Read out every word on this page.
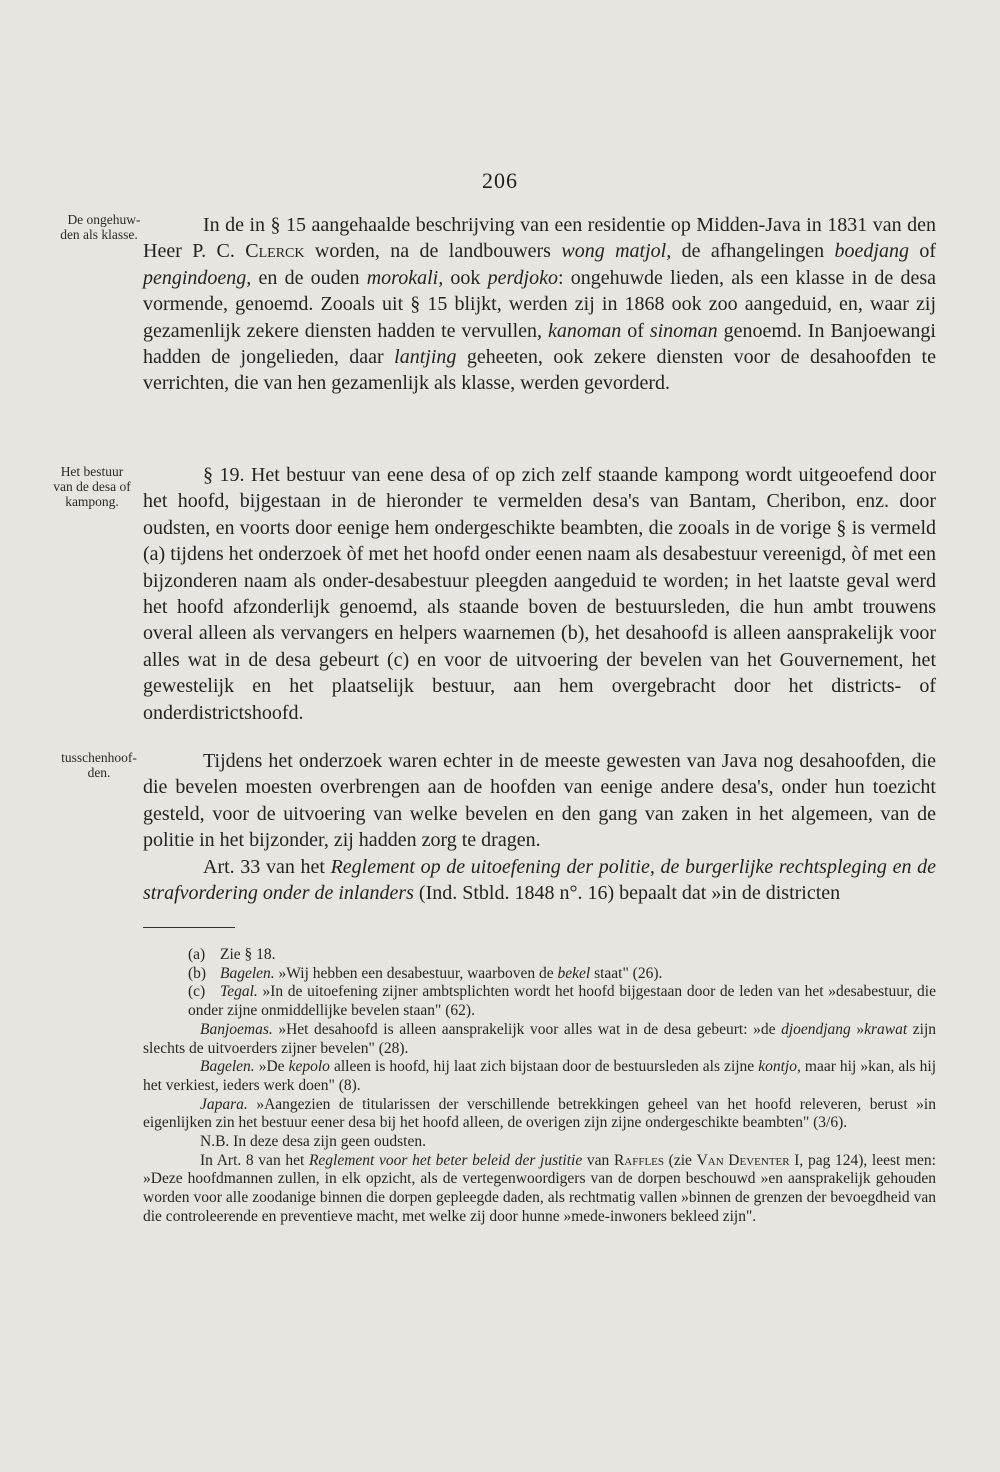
206
De ongehuw-
den als klasse.
Het bestuur
van de desa of
kampong.
tusschenhoof-
den.

In de in § 15 aangehaalde beschrijving van een residentie op Midden-Java in 1831 van den Heer P. C. Clerck worden, na de landbouwers wong matjol, de afhangelingen boedjang of pengindoeng, en de ouden morokali, ook perdjoko: ongehuwde lieden, als een klasse in de desa vormende, genoemd. Zooals uit § 15 blijkt, werden zij in 1868 ook zoo aangeduid, en, waar zij gezamenlijk zekere diensten hadden te vervullen, kanoman of sinoman genoemd. In Banjoewangi hadden de jongelieden, daar lantjing geheeten, ook zekere diensten voor de desahoofden te verrichten, die van hen gezamenlijk als klasse, werden gevorderd.

§ 19. Het bestuur van eene desa of op zich zelf staande kampong wordt uitgeoefend door het hoofd, bijgestaan in de hieronder te vermelden desa's van Bantam, Cheribon, enz. door oudsten, en voorts door eenige hem ondergeschikte beambten, die zooals in de vorige § is vermeld (a) tijdens het onderzoek òf met het hoofd onder eenen naam als desabestuur vereenigd, òf met een bijzonderen naam als onder-desabestuur pleegden aangeduid te worden; in het laatste geval werd het hoofd afzonderlijk genoemd, als staande boven de bestuursleden, die hun ambt trouwens overal alleen als vervangers en helpers waarnemen (b), het desahoofd is alleen aansprakelijk voor alles wat in de desa gebeurt (c) en voor de uitvoering der bevelen van het Gouvernement, het gewestelijk en het plaatselijk bestuur, aan hem overgebracht door het districts- of onderdistrictshoofd.

Tijdens het onderzoek waren echter in de meeste gewesten van Java nog desahoofden, die die bevelen moesten overbrengen aan de hoofden van eenige andere desa's, onder hun toezicht gesteld, voor de uitvoering van welke bevelen en den gang van zaken in het algemeen, van de politie in het bijzonder, zij hadden zorg te dragen.

Art. 33 van het Reglement op de uitoefening der politie, de burgerlijke rechtspleging en de strafvordering onder de inlanders (Ind. Stbld. 1848 n°. 16) bepaalt dat »in de districten

(a) Zie § 18.
(b) Bagelen. »Wij hebben een desabestuur, waarboven de bekel staat" (26).
(c) Tegal. »In de uitoefening zijner ambtsplichten wordt het hoofd bijgestaan door de leden van het »desabestuur, die onder zijne onmiddellijke bevelen staan" (62).
Banjoemas. »Het desahoofd is alleen aansprakelijk voor alles wat in de desa gebeurt: »de djoendjang »krawat zijn slechts de uitvoerders zijner bevelen" (28).
Bagelen. »De kepolo alleen is hoofd, hij laat zich bijstaan door de bestuursleden als zijne kontjo, maar hij »kan, als hij het verkiest, ieders werk doen" (8).
Japara. »Aangezien de titularissen der verschillende betrekkingen geheel van het hoofd releveren, berust »in eigenlijken zin het bestuur eener desa bij het hoofd alleen, de overigen zijn zijne ondergeschikte beambten" (3/6).
N.B. In deze desa zijn geen oudsten.
In Art. 8 van het Reglement voor het beter beleid der justitie van Raffles (zie Van Deventer I, pag 124), leest men: »Deze hoofdmannen zullen, in elk opzicht, als de vertegenwoordigers van de dorpen beschouwd »en aansprakelijk gehouden worden voor alle zoodanige binnen die dorpen gepleegde daden, als rechtmatig vallen »binnen de grenzen der bevoegdheid van die controleerende en preventieve macht, met welke zij door hunne »mede-inwoners bekleed zijn".
